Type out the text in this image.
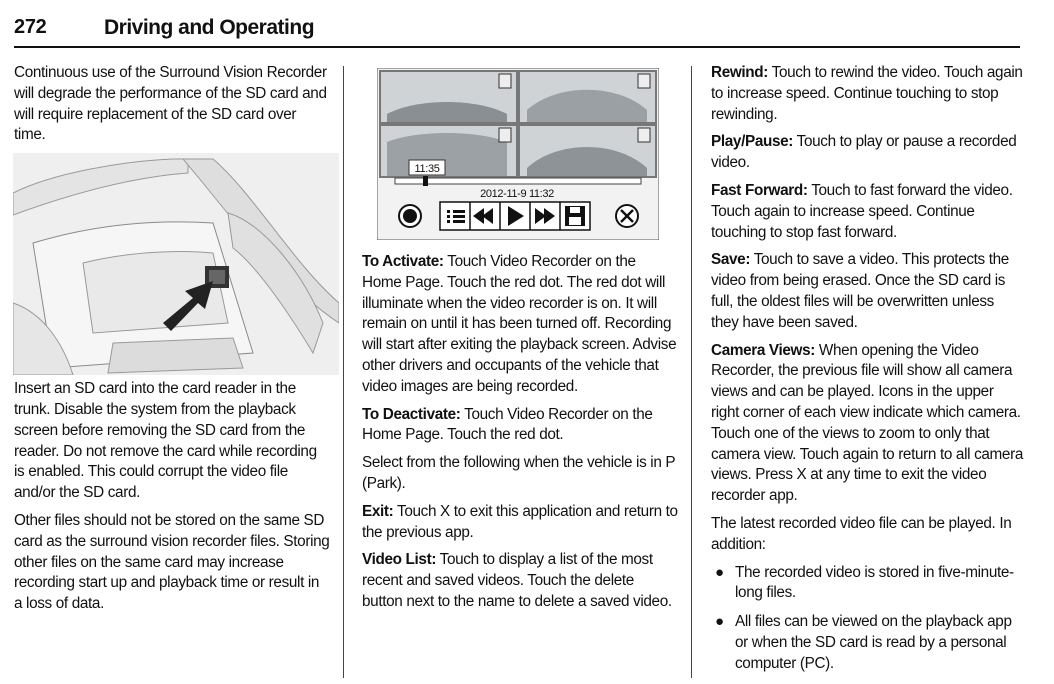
272	Driving and Operating

Continuous use of the Surround Vision Recorder will degrade the performance of the SD card and will require replacement of the SD card over time.

Insert an SD card into the card reader in the trunk. Disable the system from the playback screen before removing the SD card from the reader. Do not remove the card while recording is enabled. This could corrupt the video file and/or the SD card.

Other files should not be stored on the same SD card as the surround vision recorder files. Storing other files on the same card may increase recording start up and playback time or result in a loss of data.

11:35
2012-11-9 11:32

To Activate: Touch Video Recorder on the Home Page. Touch the red dot. The red dot will illuminate when the video recorder is on. It will remain on until it has been turned off. Recording will start after exiting the playback screen. Advise other drivers and occupants of the vehicle that video images are being recorded.

To Deactivate: Touch Video Recorder on the Home Page. Touch the red dot.

Select from the following when the vehicle is in P (Park).

Exit: Touch X to exit this application and return to the previous app.

Video List: Touch to display a list of the most recent and saved videos. Touch the delete button next to the name to delete a saved video.

Rewind: Touch to rewind the video. Touch again to increase speed. Continue touching to stop rewinding.

Play/Pause: Touch to play or pause a recorded video.

Fast Forward: Touch to fast forward the video. Touch again to increase speed. Continue touching to stop fast forward.

Save: Touch to save a video. This protects the video from being erased. Once the SD card is full, the oldest files will be overwritten unless they have been saved.

Camera Views: When opening the Video Recorder, the previous file will show all camera views and can be played. Icons in the upper right corner of each view indicate which camera. Touch one of the views to zoom to only that camera view. Touch again to return to all camera views. Press X at any time to exit the video recorder app.

The latest recorded video file can be played. In addition:

● The recorded video is stored in five-minute-long files.
● All files can be viewed on the playback app or when the SD card is read by a personal computer (PC).
